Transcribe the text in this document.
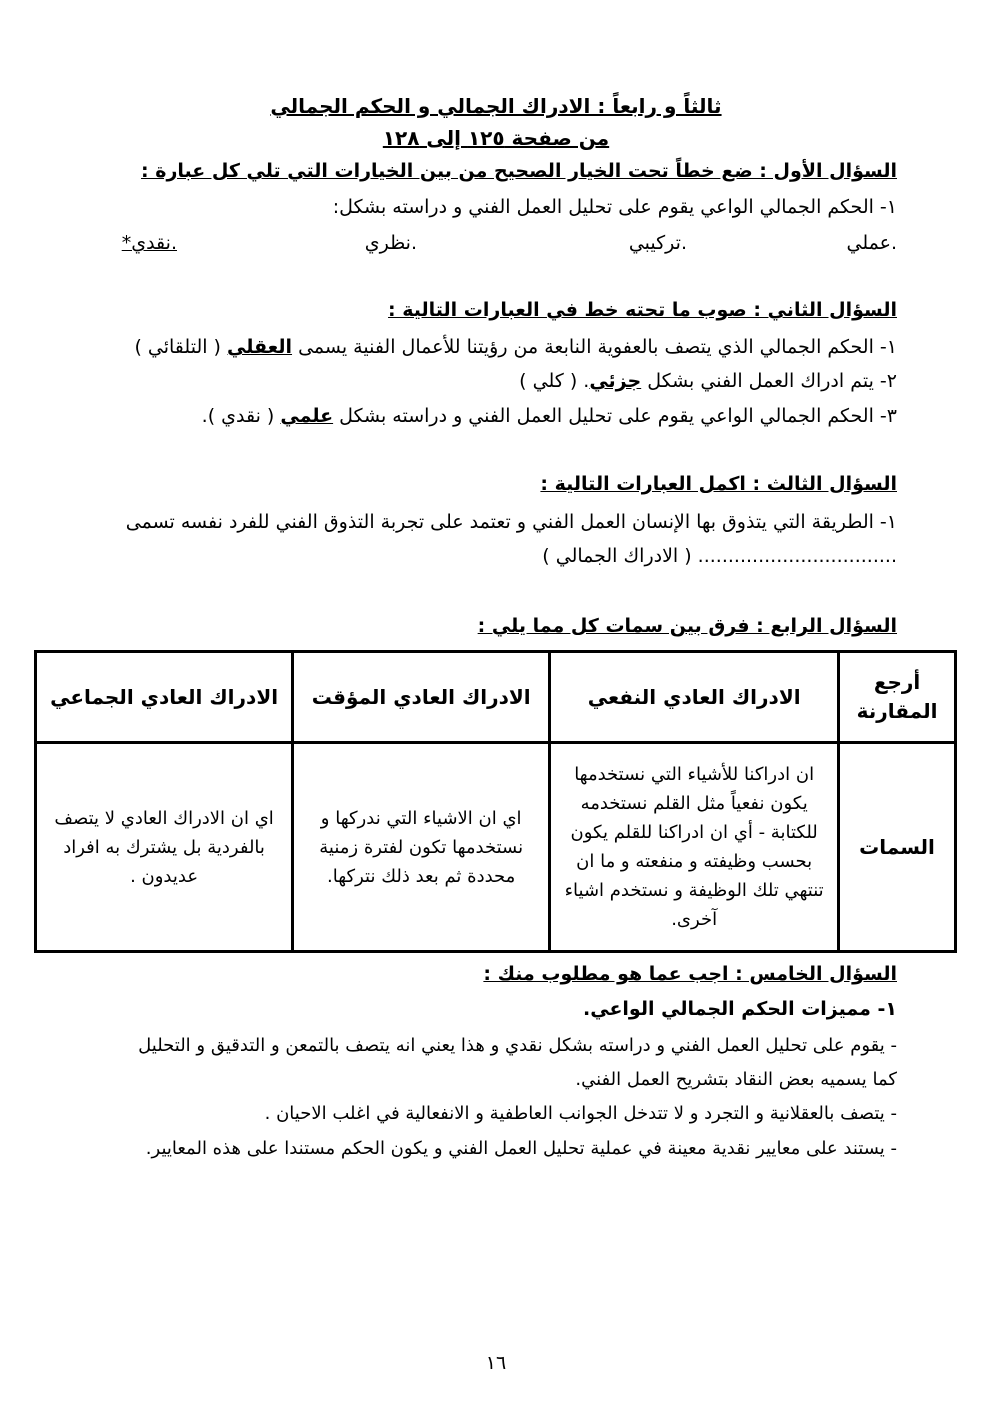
ثالثاً و رابعاً : الادراك الجمالي و الحكم الجمالي
من صفحة ١٢٥ إلى ١٢٨
السؤال الأول : ضع خطاً تحت الخيار الصحيح من بين الخيارات التي تلي كل عبارة :
١- الحكم الجمالي الواعي يقوم على تحليل العمل الفني و دراسته بشكل:
.عملي
.تركيبي
.نظري
.نقدي*
السؤال الثاني : صوب ما تحته خط في العبارات التالية :
١- الحكم الجمالي الذي يتصف بالعفوية النابعة من رؤيتنا للأعمال الفنية يسمى العقلي ( التلقائي )
٢- يتم ادراك العمل الفني بشكل جزئي. ( كلي )
٣- الحكم الجمالي الواعي يقوم على تحليل العمل الفني و دراسته بشكل علمي ( نقدي ).
السؤال الثالث : اكمل العبارات التالية :
١- الطريقة التي يتذوق بها الإنسان العمل الفني و تعتمد على تجربة التذوق الفني للفرد نفسه تسمى
................................. ( الادراك الجمالي )
السؤال الرابع : فرق بين سمات كل مما يلي :
أرجع المقارنة	الادراك العادي النفعي	الادراك العادي المؤقت	الادراك العادي الجماعي
السمات	ان ادراكنا للأشياء التي نستخدمها يكون نفعياً مثل القلم نستخدمه للكتابة - أي ان ادراكنا للقلم يكون بحسب وظيفته و منفعته و ما ان تنتهي تلك الوظيفة و نستخدم اشياء آخرى.	اي ان الاشياء التي ندركها و نستخدمها تكون لفترة زمنية محددة ثم بعد ذلك نتركها.	اي ان الادراك العادي لا يتصف بالفردية بل يشترك به افراد عديدون .
السؤال الخامس : اجب عما هو مطلوب منك :
١- مميزات الحكم الجمالي الواعي.
- يقوم على تحليل العمل الفني و دراسته بشكل نقدي و هذا يعني انه يتصف بالتمعن و التدقيق و التحليل
كما يسميه بعض النقاد بتشريح العمل الفني.
- يتصف بالعقلانية و التجرد و لا تتدخل الجوانب العاطفية و الانفعالية في اغلب الاحيان .
- يستند على معايير نقدية معينة في عملية تحليل العمل الفني و يكون الحكم مستندا على هذه المعايير.
١٦
